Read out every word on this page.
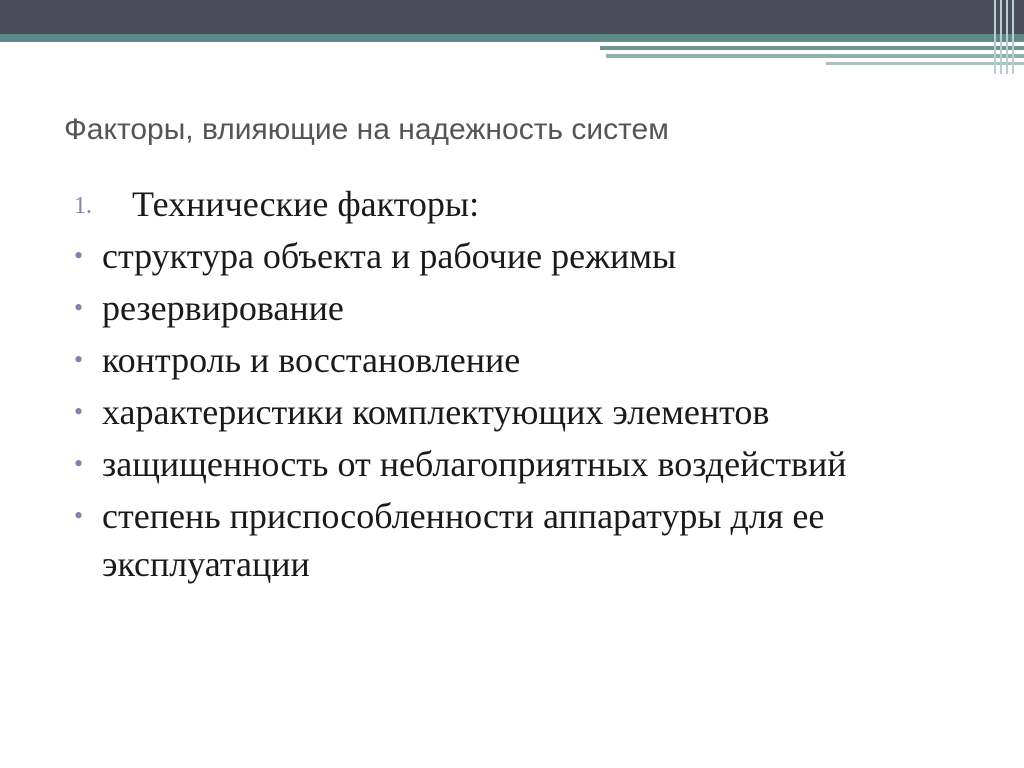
Факторы, влияющие на надежность систем
1. Технические факторы:
• структура объекта и рабочие режимы
• резервирование
• контроль и восстановление
• характеристики комплектующих элементов
• защищенность от неблагоприятных воздействий
• степень приспособленности аппаратуры для ее эксплуатации
